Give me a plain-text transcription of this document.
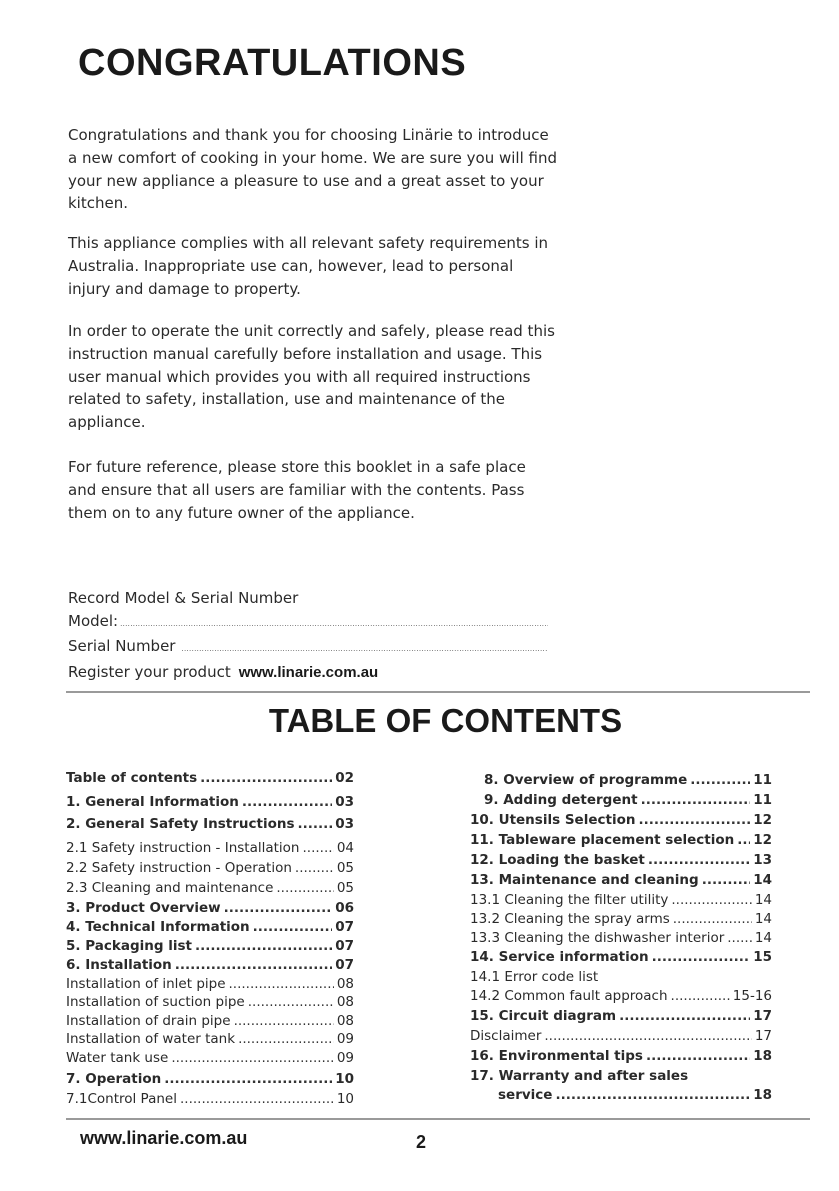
CONGRATULATIONS

Congratulations and thank you for choosing Linärie to introduce a new comfort of cooking in your home. We are sure you will find your new appliance a pleasure to use and a great asset to your kitchen.

This appliance complies with all relevant safety requirements in Australia. Inappropriate use can, however, lead to personal injury and damage to property.

In order to operate the unit correctly and safely, please read this instruction manual carefully before installation and usage. This user manual which provides you with all required instructions related to safety, installation, use and maintenance of the appliance.

For future reference, please store this booklet in a safe place and ensure that all users are familiar with the contents. Pass them on to any future owner of the appliance.

Record Model & Serial Number
Model:
.....
Serial Number
.....
Register your product www.linarie.com.au
TABLE OF CONTENTS
Table of contents .....	02
1. General Information .....	03
2. General Safety Instructions .....	03
2.1 Safety instruction - Installation .....	04
2.2 Safety instruction - Operation .....	05
2.3 Cleaning and maintenance .....	05
3. Product Overview .....	06
4. Technical Information .....	07
5. Packaging list .....	07
6. Installation .....	07
Installation of inlet pipe .....	08
Installation of suction pipe .....	08
Installation of drain pipe .....	08
Installation of water tank .....	09
Water tank use .....	09
7. Operation .....	10
7.1Control Panel .....	10
8. Overview of programme .....	11
9. Adding detergent .....	11
10. Utensils Selection .....	12
11. Tableware placement selection ..... 12
12. Loading the basket .....	13
13. Maintenance and cleaning .....	14
13.1 Cleaning the filter utility .....	14
13.2 Cleaning the spray arms .....	14
13.3 Cleaning the dishwasher interior ..... 14
14. Service information .....	15
14.1 Error code list
14.2 Common fault approach .....	15-16
15. Circuit diagram .....	17
Disclaimer .....	17
16. Environmental tips .....	18
17. Warranty and after sales
service .....	18
www.linarie.com.au	2
